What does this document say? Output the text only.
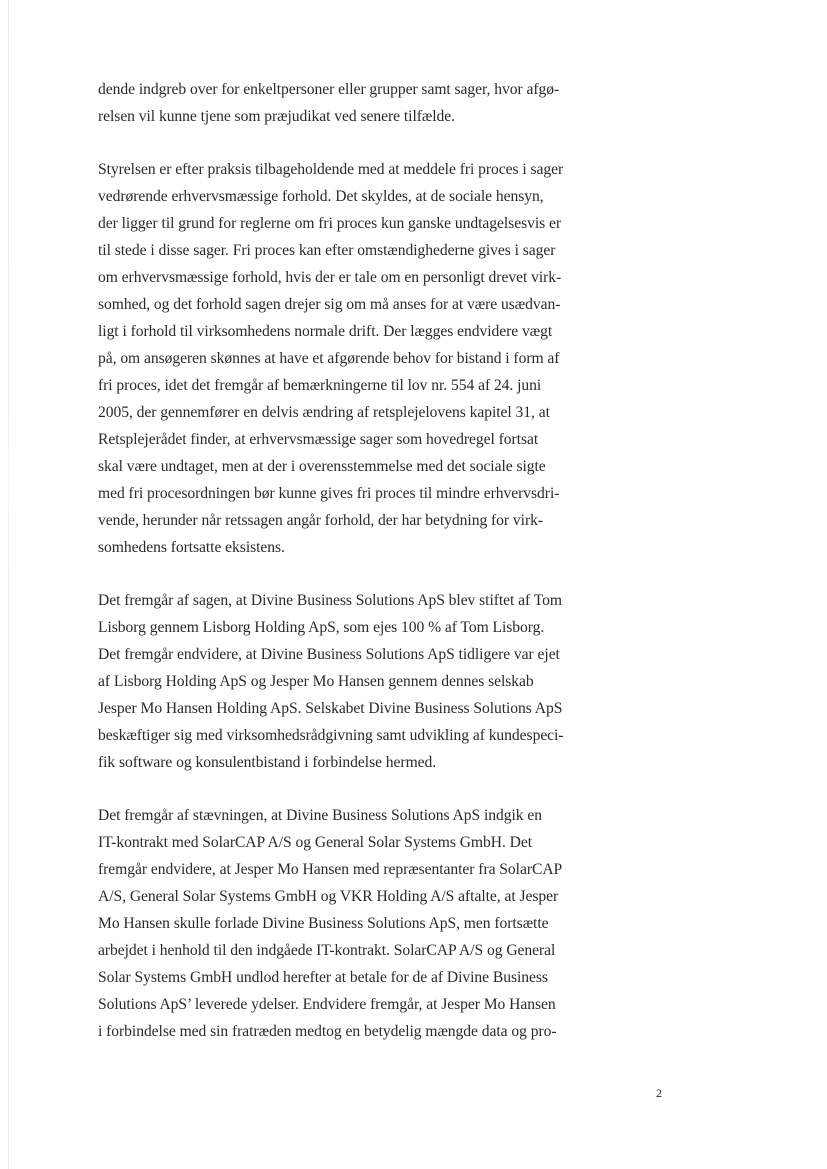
dende indgreb over for enkeltpersoner eller grupper samt sager, hvor afgø-
relsen vil kunne tjene som præjudikat ved senere tilfælde.

Styrelsen er efter praksis tilbageholdende med at meddele fri proces i sager
vedrørende erhvervsmæssige forhold. Det skyldes, at de sociale hensyn,
der ligger til grund for reglerne om fri proces kun ganske undtagelsesvis er
til stede i disse sager. Fri proces kan efter omstændighederne gives i sager
om erhvervsmæssige forhold, hvis der er tale om en personligt drevet virk-
somhed, og det forhold sagen drejer sig om må anses for at være usædvan-
ligt i forhold til virksomhedens normale drift. Der lægges endvidere vægt
på, om ansøgeren skønnes at have et afgørende behov for bistand i form af
fri proces, idet det fremgår af bemærkningerne til lov nr. 554 af 24. juni
2005, der gennemfører en delvis ændring af retsplejelovens kapitel 31, at
Retsplejerådet finder, at erhvervsmæssige sager som hovedregel fortsat
skal være undtaget, men at der i overensstemmelse med det sociale sigte
med fri procesordningen bør kunne gives fri proces til mindre erhvervsdri-
vende, herunder når retssagen angår forhold, der har betydning for virk-
somhedens fortsatte eksistens.

Det fremgår af sagen, at Divine Business Solutions ApS blev stiftet af Tom
Lisborg gennem Lisborg Holding ApS, som ejes 100 % af Tom Lisborg.
Det fremgår endvidere, at Divine Business Solutions ApS tidligere var ejet
af Lisborg Holding ApS og Jesper Mo Hansen gennem dennes selskab
Jesper Mo Hansen Holding ApS. Selskabet Divine Business Solutions ApS
beskæftiger sig med virksomhedsrådgivning samt udvikling af kundespeci-
fik software og konsulentbistand i forbindelse hermed.

Det fremgår af stævningen, at Divine Business Solutions ApS indgik en
IT-kontrakt med SolarCAP A/S og General Solar Systems GmbH. Det
fremgår endvidere, at Jesper Mo Hansen med repræsentanter fra SolarCAP
A/S, General Solar Systems GmbH og VKR Holding A/S aftalte, at Jesper
Mo Hansen skulle forlade Divine Business Solutions ApS, men fortsætte
arbejdet i henhold til den indgåede IT-kontrakt. SolarCAP A/S og General
Solar Systems GmbH undlod herefter at betale for de af Divine Business
Solutions ApS’ leverede ydelser. Endvidere fremgår, at Jesper Mo Hansen
i forbindelse med sin fratræden medtog en betydelig mængde data og pro-

2
